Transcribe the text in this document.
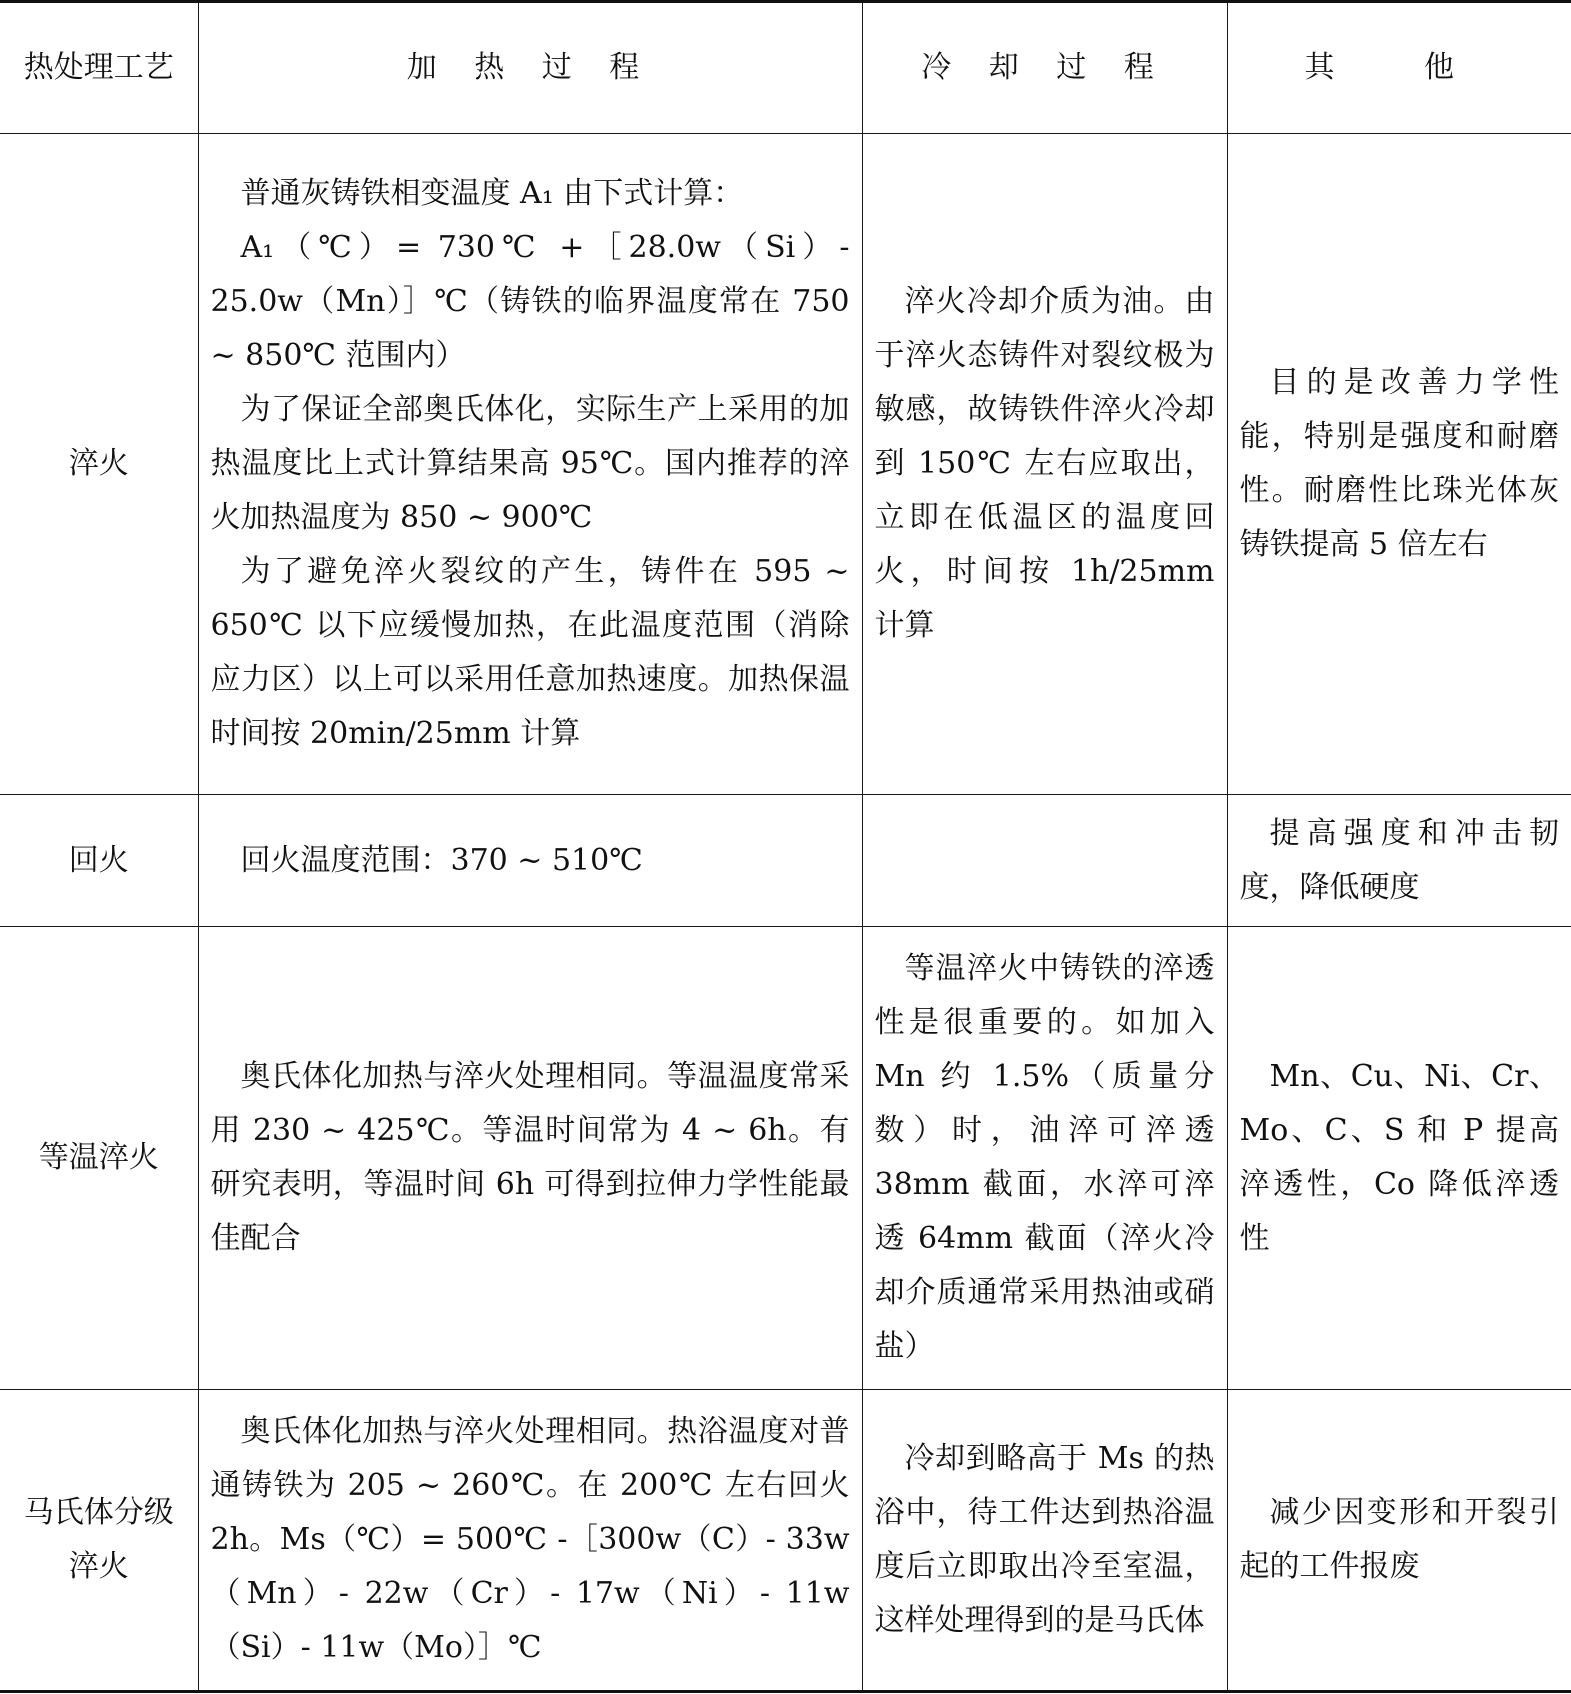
热处理工艺	加 热 过 程	冷 却 过 程	其 他
淬火	普通灰铸铁相变温度 A₁ 由下式计算：

A₁（℃）= 730℃ +［28.0w（Si）- 25.0w（Mn）］℃（铸铁的临界温度常在 750 ~ 850℃ 范围内）

为了保证全部奥氏体化，实际生产上采用的加热温度比上式计算结果高 95℃。国内推荐的淬火加热温度为 850 ~ 900℃

为了避免淬火裂纹的产生，铸件在 595 ~ 650℃ 以下应缓慢加热，在此温度范围（消除应力区）以上可以采用任意加热速度。加热保温时间按 20min/25mm 计算	淬火冷却介质为油。由于淬火态铸件对裂纹极为敏感，故铸铁件淬火冷却到 150℃ 左右应取出，立即在低温区的温度回火，时间按 1h/25mm 计算	目的是改善力学性能，特别是强度和耐磨性。耐磨性比珠光体灰铸铁提高 5 倍左右

回火	回火温度范围：370 ~ 510℃		提高强度和冲击韧度，降低硬度

等温淬火	奥氏体化加热与淬火处理相同。等温温度常采用 230 ~ 425℃。等温时间常为 4 ~ 6h。有研究表明，等温时间 6h 可得到拉伸力学性能最佳配合	等温淬火中铸铁的淬透性是很重要的。如加入 Mn 约 1.5%（质量分数）时，油淬可淬透 38mm 截面，水淬可淬透 64mm 截面（淬火冷却介质通常采用热油或硝盐）	Mn、Cu、Ni、Cr、Mo、C、S 和 P 提高淬透性，Co 降低淬透性

马氏体分级淬火	奥氏体化加热与淬火处理相同。热浴温度对普通铸铁为 205 ~ 260℃。在 200℃ 左右回火 2h。Ms（℃）= 500℃ -［300w（C）- 33w（Mn）- 22w（Cr）- 17w（Ni）- 11w（Si）- 11w（Mo）］℃	冷却到略高于 Ms 的热浴中，待工件达到热浴温度后立即取出冷至室温，这样处理得到的是马氏体	减少因变形和开裂引起的工件报废
